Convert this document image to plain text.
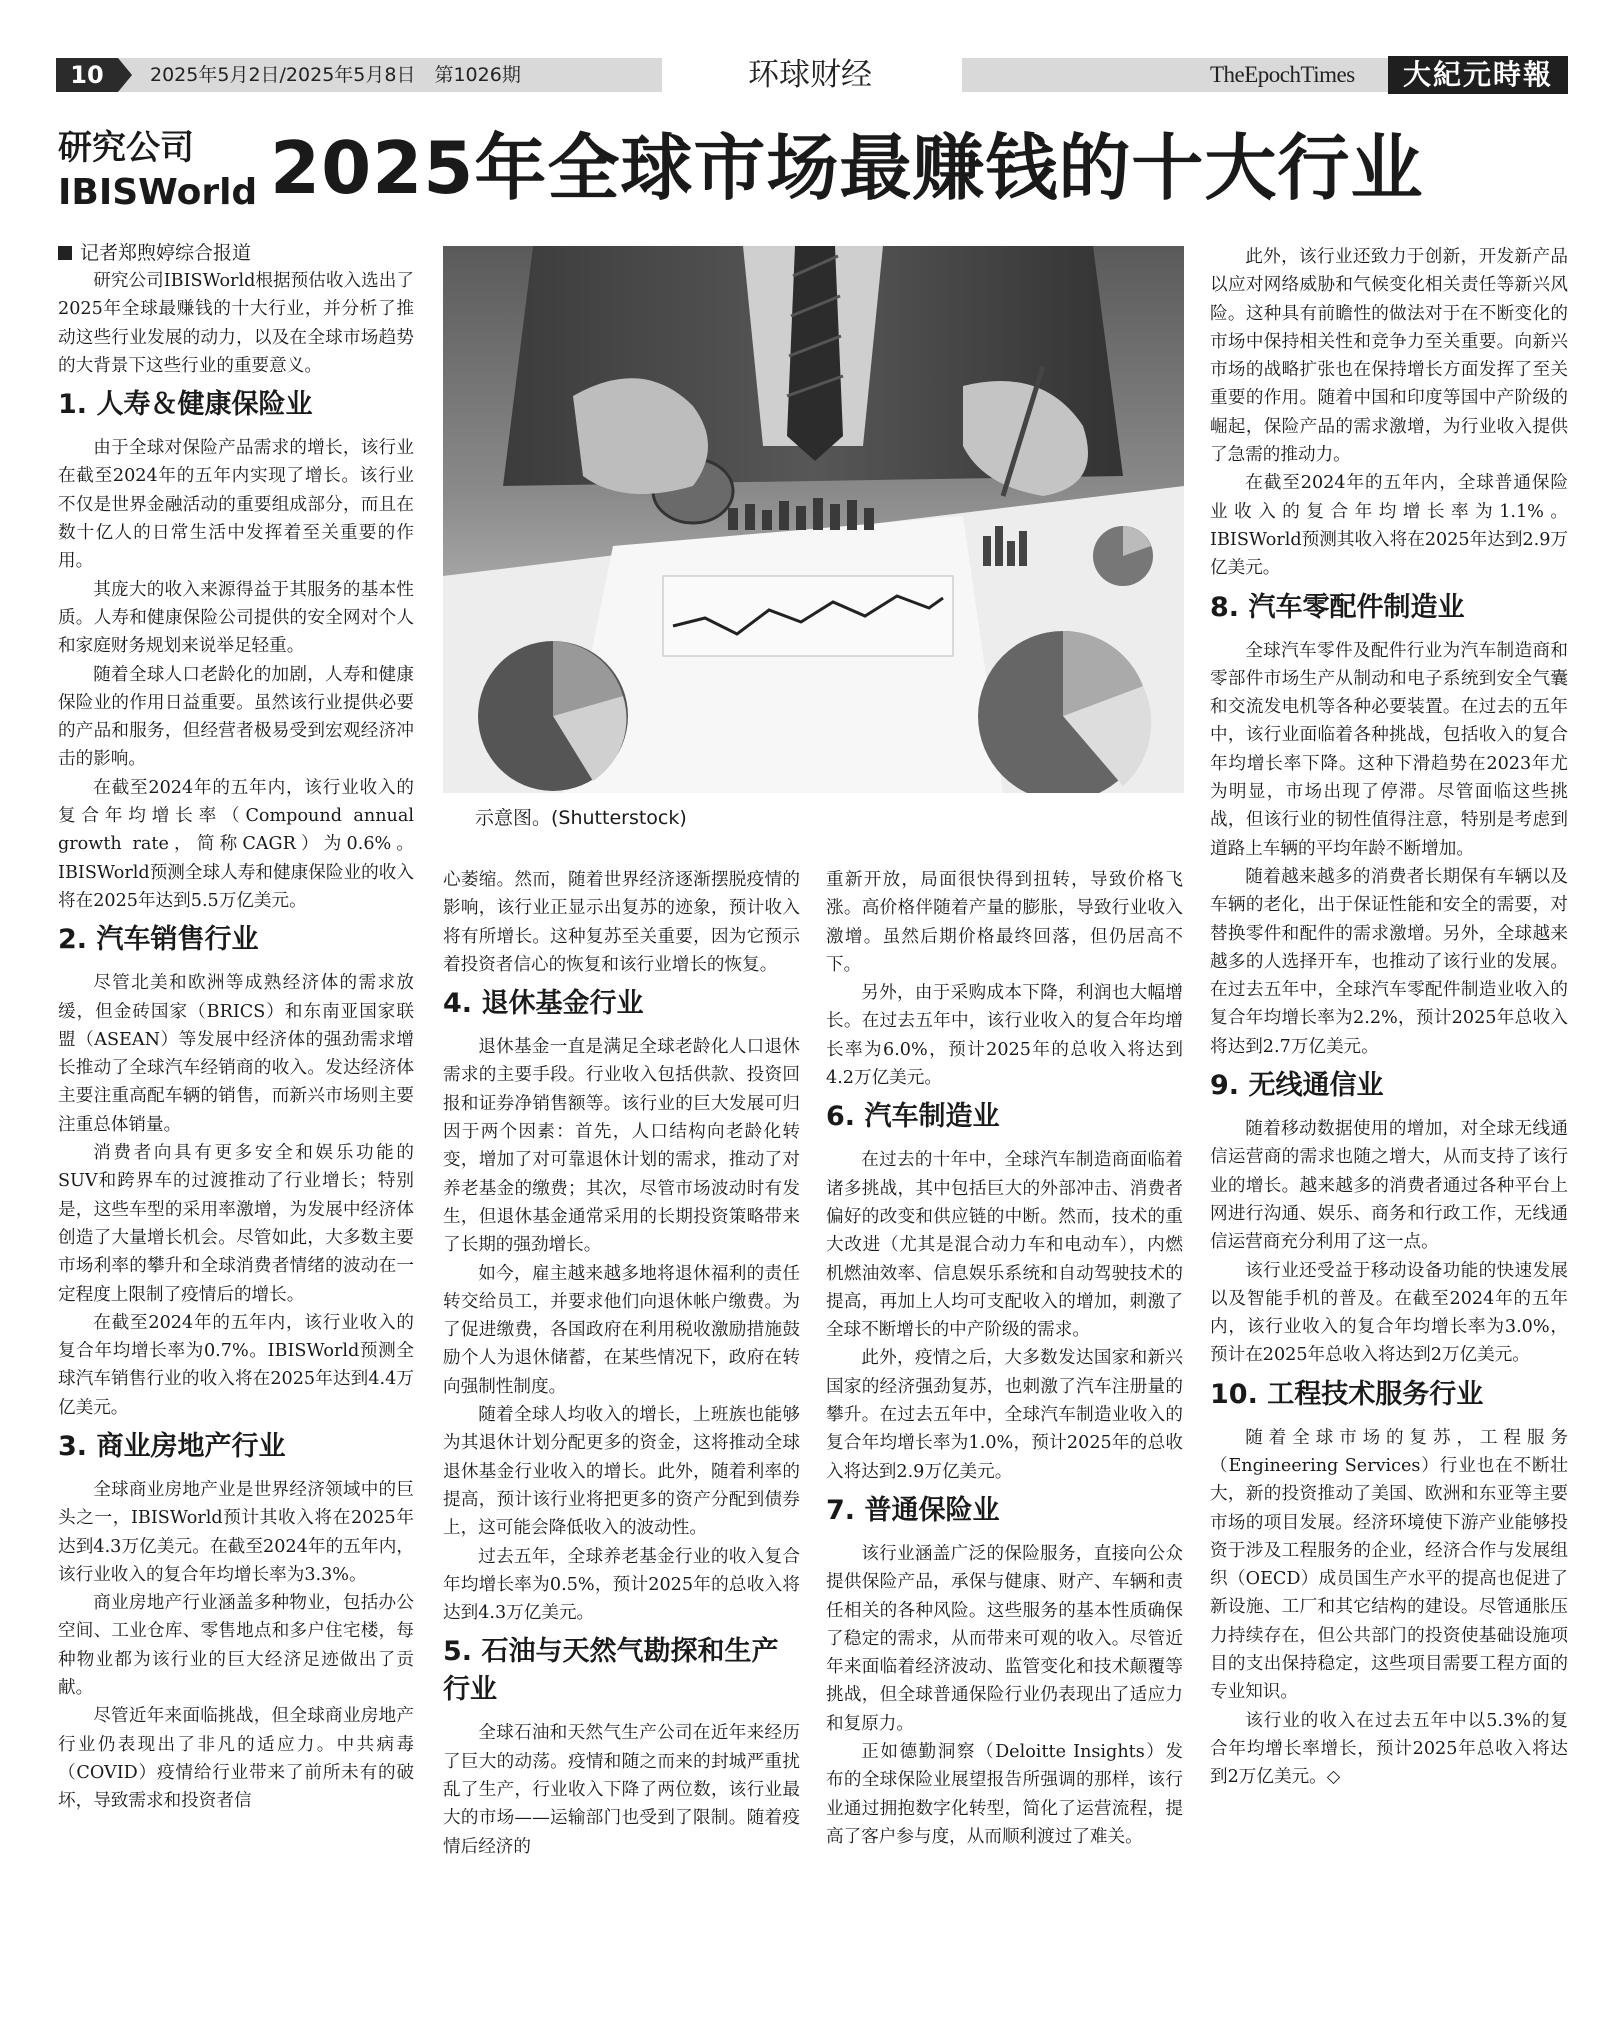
10	2025年5月2日/2025年5月8日　第1026期	环球财经	TheEpochTimes	大紀元時報
研究公司
IBISWorld 2025年全球市场最赚钱的十大行业
示意图。(Shutterstock)

记者郑煦婷综合报道

研究公司IBISWorld根据预估收入选出了2025年全球最赚钱的十大行业，并分析了推动这些行业发展的动力，以及在全球市场趋势的大背景下这些行业的重要意义。

1. 人寿＆健康保险业

由于全球对保险产品需求的增长，该行业在截至2024年的五年内实现了增长。该行业不仅是世界金融活动的重要组成部分，而且在数十亿人的日常生活中发挥着至关重要的作用。

其庞大的收入来源得益于其服务的基本性质。人寿和健康保险公司提供的安全网对个人和家庭财务规划来说举足轻重。

随着全球人口老龄化的加剧，人寿和健康保险业的作用日益重要。虽然该行业提供必要的产品和服务，但经营者极易受到宏观经济冲击的影响。

在截至2024年的五年内，该行业收入的复合年均增长率（Compound annual growth rate，简称CAGR）为0.6%。IBISWorld预测全球人寿和健康保险业的收入将在2025年达到5.5万亿美元。

2. 汽车销售行业

尽管北美和欧洲等成熟经济体的需求放缓，但金砖国家（BRICS）和东南亚国家联盟（ASEAN）等发展中经济体的强劲需求增长推动了全球汽车经销商的收入。发达经济体主要注重高配车辆的销售，而新兴市场则主要注重总体销量。

消费者向具有更多安全和娱乐功能的SUV和跨界车的过渡推动了行业增长；特别是，这些车型的采用率激增，为发展中经济体创造了大量增长机会。尽管如此，大多数主要市场利率的攀升和全球消费者情绪的波动在一定程度上限制了疫情后的增长。

在截至2024年的五年内，该行业收入的复合年均增长率为0.7%。IBISWorld预测全球汽车销售行业的收入将在2025年达到4.4万亿美元。

3. 商业房地产行业

全球商业房地产业是世界经济领域中的巨头之一，IBISWorld预计其收入将在2025年达到4.3万亿美元。在截至2024年的五年内，该行业收入的复合年均增长率为3.3%。

商业房地产行业涵盖多种物业，包括办公空间、工业仓库、零售地点和多户住宅楼，每种物业都为该行业的巨大经济足迹做出了贡献。

尽管近年来面临挑战，但全球商业房地产行业仍表现出了非凡的适应力。中共病毒（COVID）疫情给行业带来了前所未有的破坏，导致需求和投资者信

心萎缩。然而，随着世界经济逐渐摆脱疫情的影响，该行业正显示出复苏的迹象，预计收入将有所增长。这种复苏至关重要，因为它预示着投资者信心的恢复和该行业增长的恢复。

4. 退休基金行业

退休基金一直是满足全球老龄化人口退休需求的主要手段。行业收入包括供款、投资回报和证券净销售额等。该行业的巨大发展可归因于两个因素：首先，人口结构向老龄化转变，增加了对可靠退休计划的需求，推动了对养老基金的缴费；其次，尽管市场波动时有发生，但退休基金通常采用的长期投资策略带来了长期的强劲增长。

如今，雇主越来越多地将退休福利的责任转交给员工，并要求他们向退休帐户缴费。为了促进缴费，各国政府在利用税收激励措施鼓励个人为退休储蓄，在某些情况下，政府在转向强制性制度。

随着全球人均收入的增长，上班族也能够为其退休计划分配更多的资金，这将推动全球退休基金行业收入的增长。此外，随着利率的提高，预计该行业将把更多的资产分配到债券上，这可能会降低收入的波动性。

过去五年，全球养老基金行业的收入复合年均增长率为0.5%，预计2025年的总收入将达到4.3万亿美元。

5. 石油与天然气勘探和生产行业

全球石油和天然气生产公司在近年来经历了巨大的动荡。疫情和随之而来的封城严重扰乱了生产，行业收入下降了两位数，该行业最大的市场——运输部门也受到了限制。随着疫情后经济的

重新开放，局面很快得到扭转，导致价格飞涨。高价格伴随着产量的膨胀，导致行业收入激增。虽然后期价格最终回落，但仍居高不下。

另外，由于采购成本下降，利润也大幅增长。在过去五年中，该行业收入的复合年均增长率为6.0%，预计2025年的总收入将达到4.2万亿美元。

6. 汽车制造业

在过去的十年中，全球汽车制造商面临着诸多挑战，其中包括巨大的外部冲击、消费者偏好的改变和供应链的中断。然而，技术的重大改进（尤其是混合动力车和电动车），内燃机燃油效率、信息娱乐系统和自动驾驶技术的提高，再加上人均可支配收入的增加，刺激了全球不断增长的中产阶级的需求。

此外，疫情之后，大多数发达国家和新兴国家的经济强劲复苏，也刺激了汽车注册量的攀升。在过去五年中，全球汽车制造业收入的复合年均增长率为1.0%，预计2025年的总收入将达到2.9万亿美元。

7. 普通保险业

该行业涵盖广泛的保险服务，直接向公众提供保险产品，承保与健康、财产、车辆和责任相关的各种风险。这些服务的基本性质确保了稳定的需求，从而带来可观的收入。尽管近年来面临着经济波动、监管变化和技术颠覆等挑战，但全球普通保险行业仍表现出了适应力和复原力。

正如德勤洞察（Deloitte Insights）发布的全球保险业展望报告所强调的那样，该行业通过拥抱数字化转型，简化了运营流程，提高了客户参与度，从而顺利渡过了难关。

此外，该行业还致力于创新，开发新产品以应对网络威胁和气候变化相关责任等新兴风险。这种具有前瞻性的做法对于在不断变化的市场中保持相关性和竞争力至关重要。向新兴市场的战略扩张也在保持增长方面发挥了至关重要的作用。随着中国和印度等国中产阶级的崛起，保险产品的需求激增，为行业收入提供了急需的推动力。

在截至2024年的五年内，全球普通保险业收入的复合年均增长率为1.1%。IBISWorld预测其收入将在2025年达到2.9万亿美元。

8. 汽车零配件制造业

全球汽车零件及配件行业为汽车制造商和零部件市场生产从制动和电子系统到安全气囊和交流发电机等各种必要装置。在过去的五年中，该行业面临着各种挑战，包括收入的复合年均增长率下降。这种下滑趋势在2023年尤为明显，市场出现了停滞。尽管面临这些挑战，但该行业的韧性值得注意，特别是考虑到道路上车辆的平均年龄不断增加。

随着越来越多的消费者长期保有车辆以及车辆的老化，出于保证性能和安全的需要，对替换零件和配件的需求激增。另外，全球越来越多的人选择开车，也推动了该行业的发展。在过去五年中，全球汽车零配件制造业收入的复合年均增长率为2.2%，预计2025年总收入将达到2.7万亿美元。

9. 无线通信业

随着移动数据使用的增加，对全球无线通信运营商的需求也随之增大，从而支持了该行业的增长。越来越多的消费者通过各种平台上网进行沟通、娱乐、商务和行政工作，无线通信运营商充分利用了这一点。

该行业还受益于移动设备功能的快速发展以及智能手机的普及。在截至2024年的五年内，该行业收入的复合年均增长率为3.0%，预计在2025年总收入将达到2万亿美元。

10. 工程技术服务行业

随着全球市场的复苏，工程服务（Engineering Services）行业也在不断壮大，新的投资推动了美国、欧洲和东亚等主要市场的项目发展。经济环境使下游产业能够投资于涉及工程服务的企业，经济合作与发展组织（OECD）成员国生产水平的提高也促进了新设施、工厂和其它结构的建设。尽管通胀压力持续存在，但公共部门的投资使基础设施项目的支出保持稳定，这些项目需要工程方面的专业知识。

该行业的收入在过去五年中以5.3%的复合年均增长率增长，预计2025年总收入将达到2万亿美元。◇
